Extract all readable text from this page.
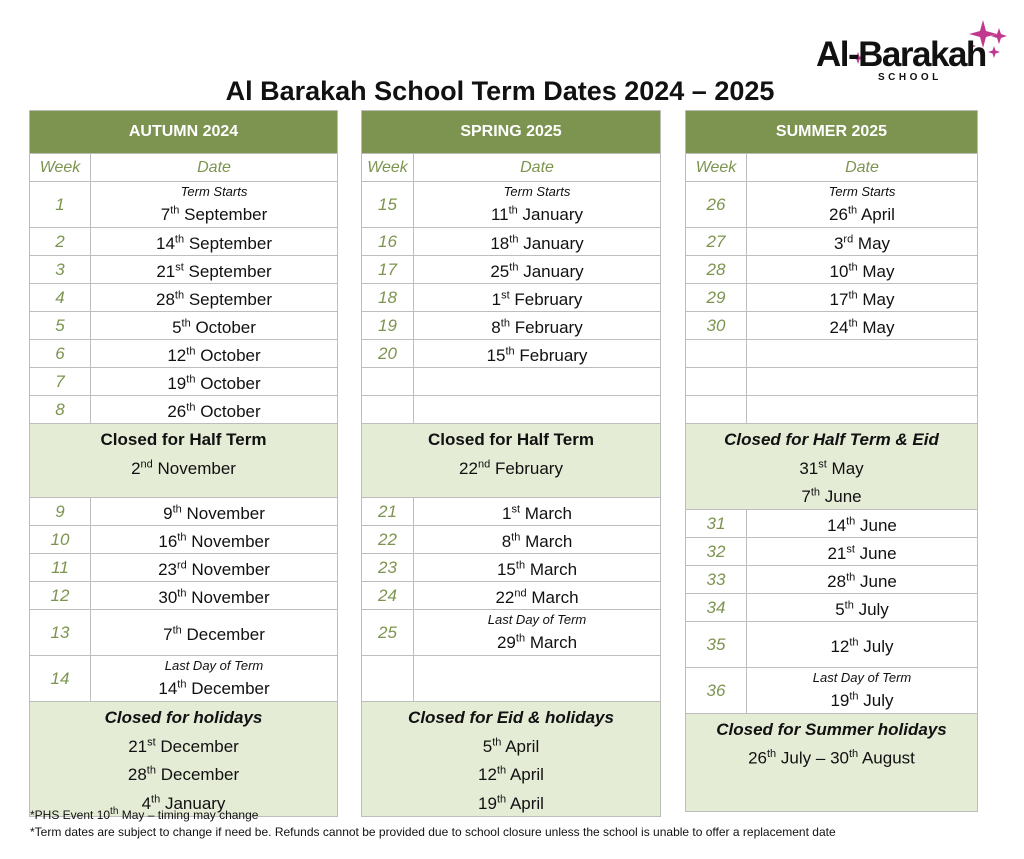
Al-Barakah
SCHOOL
Al Barakah School Term Dates 2024 – 2025
AUTUMN 2024	
Week	Date
1	Term Starts
7th September
2	14th September
3	21st September
4	28th September
5	5th October
6	12th October
7	19th October
8	26th October

Closed for Half Term
2nd November	

9	9th November
10	16th November
11	23rd November
12	30th November
13	7th December
14	Last Day of Term
14th December

Closed for holidays
21st December
28th December
4th January	
SPRING 2025	
Week	Date
15	Term Starts
11th January
16	18th January
17	25th January
18	1st February
19	8th February
20	15th February

Closed for Half Term
22nd February	

21	1st March
22	8th March
23	15th March
24	22nd March
25	Last Day of Term
29th March

Closed for Eid & holidays
5th April
12th April
19th April	
SUMMER 2025	
Week	Date
26	Term Starts
26th April
27	3rd May
28	10th May
29	17th May
30	24th May

Closed for Half Term & Eid
31st May
7th June	

31	14th June
32	21st June
33	28th June
34	5th July
35	12th July
36	Last Day of Term
19th July

Closed for Summer holidays
26th July – 30th August	
*PHS Event 10th May – timing may change
*Term dates are subject to change if need be. Refunds cannot be provided due to school closure unless the school is unable to offer a replacement date
